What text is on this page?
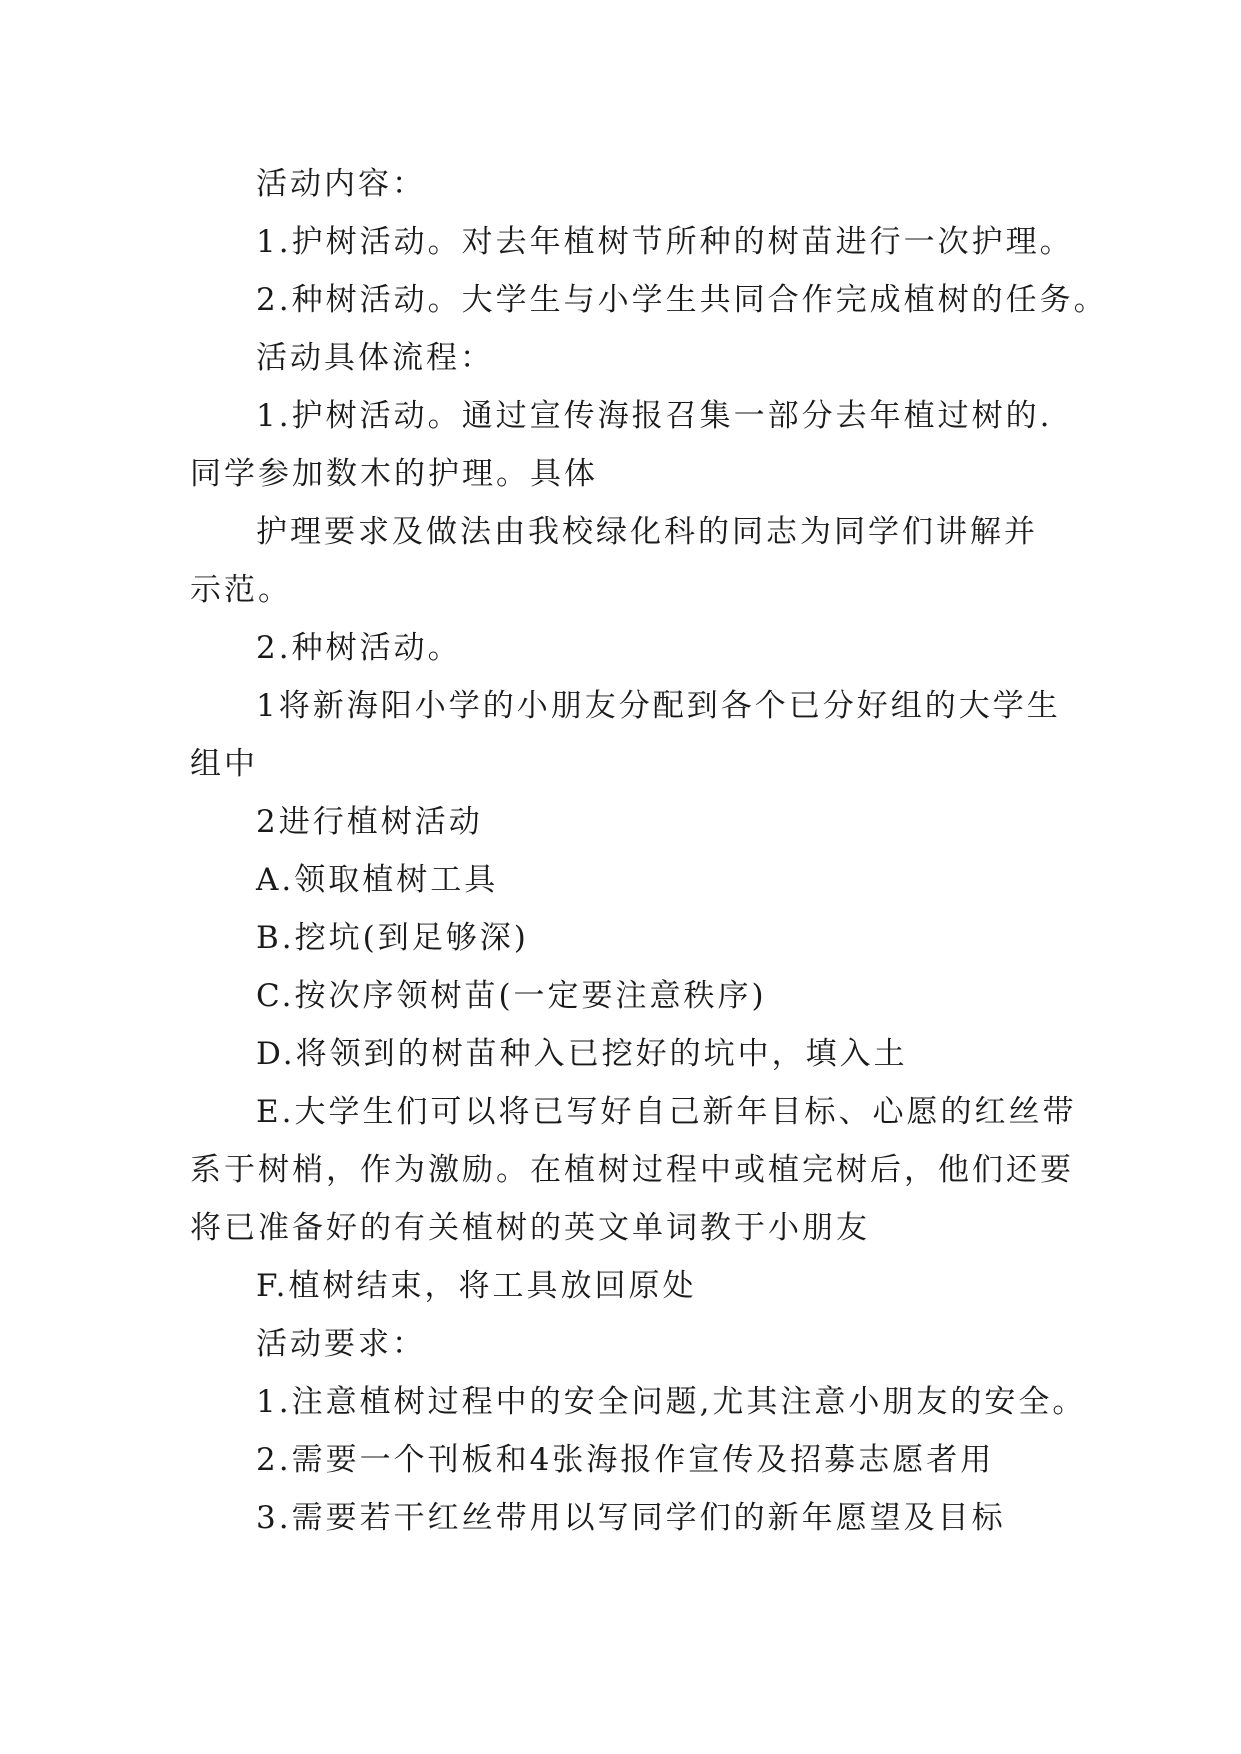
活动内容：
1.护树活动。对去年植树节所种的树苗进行一次护理。
2.种树活动。大学生与小学生共同合作完成植树的任务。
活动具体流程：
1.护树活动。通过宣传海报召集一部分去年植过树的.
同学参加数木的护理。具体
护理要求及做法由我校绿化科的同志为同学们讲解并
示范。
2.种树活动。
1将新海阳小学的小朋友分配到各个已分好组的大学生
组中
2进行植树活动
A.领取植树工具
B.挖坑(到足够深)
C.按次序领树苗(一定要注意秩序)
D.将领到的树苗种入已挖好的坑中，填入土
E.大学生们可以将已写好自己新年目标、心愿的红丝带
系于树梢，作为激励。在植树过程中或植完树后，他们还要
将已准备好的有关植树的英文单词教于小朋友
F.植树结束，将工具放回原处
活动要求：
1.注意植树过程中的安全问题,尤其注意小朋友的安全。
2.需要一个刊板和4张海报作宣传及招募志愿者用
3.需要若干红丝带用以写同学们的新年愿望及目标
